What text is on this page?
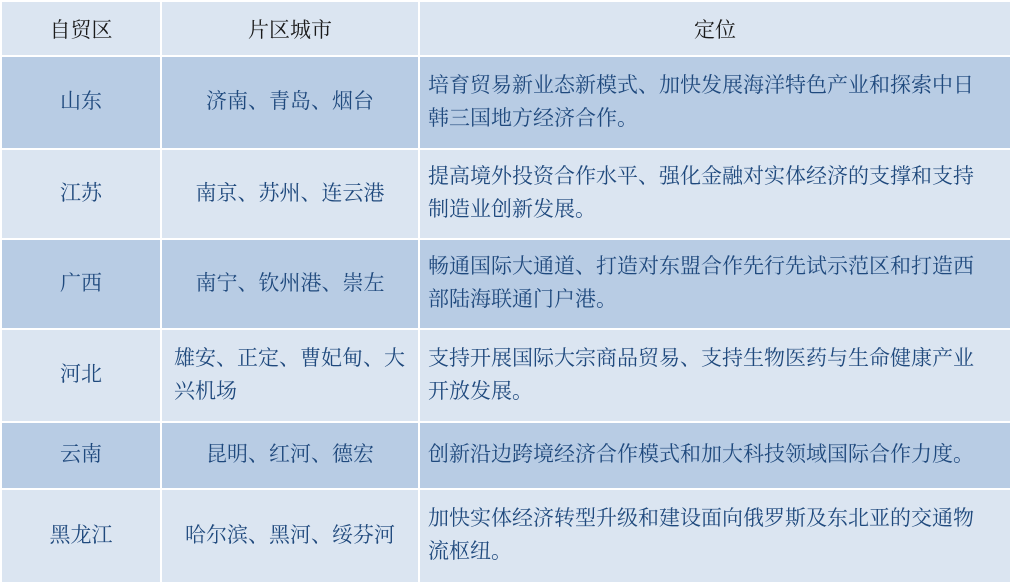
自贸区	片区城市	定位
山东	济南、青岛、烟台	培育贸易新业态新模式、加快发展海洋特色产业和探索中日韩三国地方经济合作。
江苏	南京、苏州、连云港	提高境外投资合作水平、强化金融对实体经济的支撑和支持制造业创新发展。
广西	南宁、钦州港、崇左	畅通国际大通道、打造对东盟合作先行先试示范区和打造西部陆海联通门户港。
河北	雄安、正定、曹妃甸、大兴机场	支持开展国际大宗商品贸易、支持生物医药与生命健康产业开放发展。
云南	昆明、红河、德宏	创新沿边跨境经济合作模式和加大科技领域国际合作力度。
黑龙江	哈尔滨、黑河、绥芬河	加快实体经济转型升级和建设面向俄罗斯及东北亚的交通物流枢纽。
